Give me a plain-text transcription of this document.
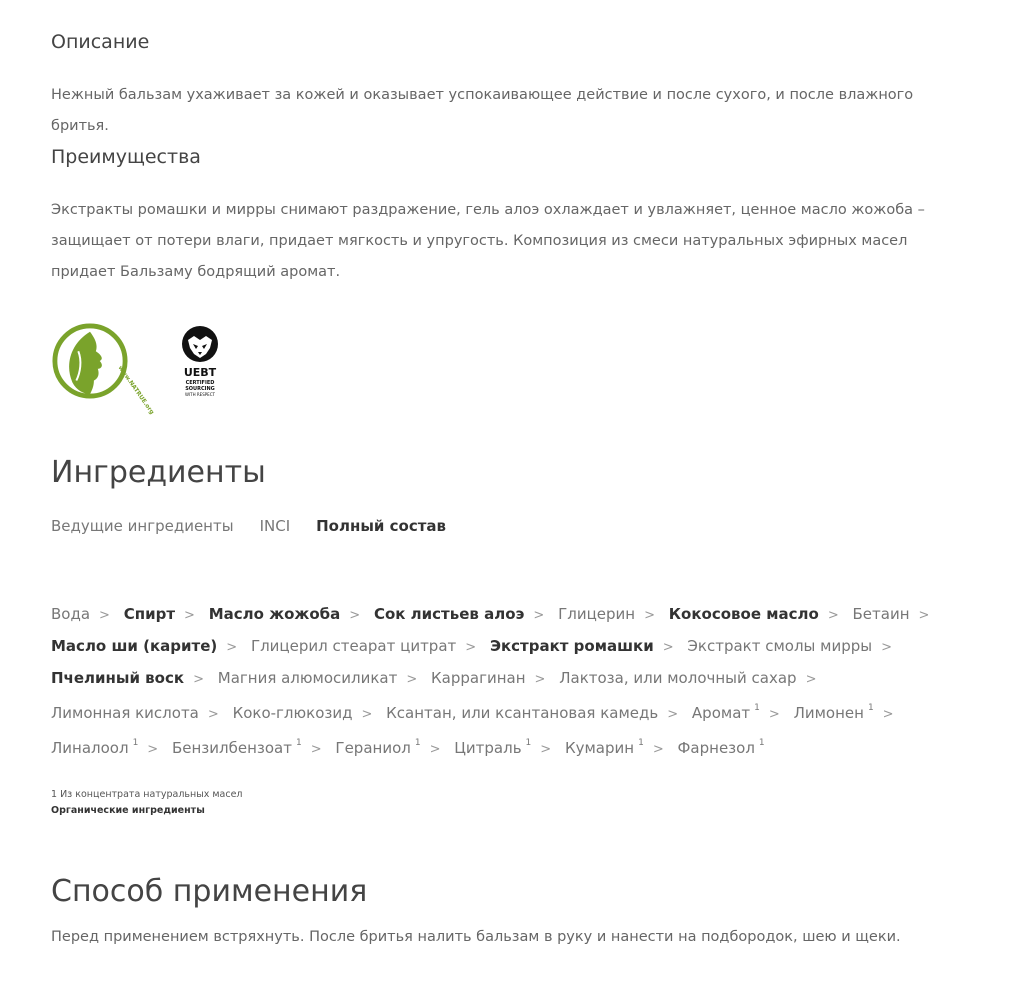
Описание

Нежный бальзам ухаживает за кожей и оказывает успокаивающее действие и после сухого, и после влажного бритья.

Преимущества

Экстракты ромашки и мирры снимают раздражение, гель алоэ охлаждает и увлажняет, ценное масло жожоба – защищает от потери влаги, придает мягкость и упругость. Композиция из смеси натуральных эфирных масел придает Бальзаму бодрящий аромат.

www.NATRUE.org	UEBT
CERTIFIED
SOURCING
WITH RESPECT
Ингредиенты
Ведущие ингредиенты INCI Полный состав
Вода > Спирт > Масло жожоба > Сок листьев алоэ > Глицерин > Кокосовое масло > Бетаин > Масло ши (карите) > Глицерил стеарат цитрат > Экстракт ромашки > Экстракт смолы мирры > Пчелиный воск > Магния алюмосиликат > Каррагинан > Лактоза, или молочный сахар > Лимонная кислота > Коко-глюкозид > Ксантан, или ксантановая камедь > Аромат $^1$ > Лимонен $^1$ > Линалоол $^1$ > Бензилбензоат $^1$ > Гераниол $^1$ > Цитраль $^1$ > Кумарин $^1$ > Фарнезол $^1$
1 Из концентрата натуральных масел
Органические ингредиенты
Способ применения

Перед применением встряхнуть. После бритья налить бальзам в руку и нанести на подбородок, шею и щеки.
